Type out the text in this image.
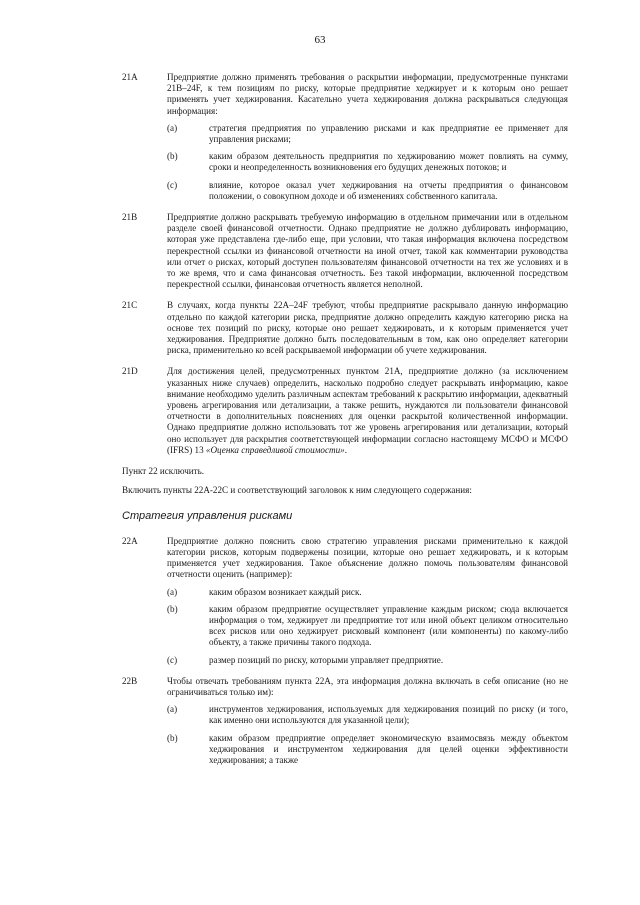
63
21A	Предприятие должно применять требования о раскрытии информации, предусмотренные пунктами 21B–24F, к тем позициям по риску, которые предприятие хеджирует и к которым оно решает применять учет хеджирования. Касательно учета хеджирования должна раскрываться следующая информация:
(a)	стратегия предприятия по управлению рисками и как предприятие ее применяет для управления рисками;
(b)	каким образом деятельность предприятия по хеджированию может повлиять на сумму, сроки и неопределенность возникновения его будущих денежных потоков; и
(c)	влияние, которое оказал учет хеджирования на отчеты предприятия о финансовом положении, о совокупном доходе и об изменениях собственного капитала.
21B	Предприятие должно раскрывать требуемую информацию в отдельном примечании или в отдельном разделе своей финансовой отчетности. Однако предприятие не должно дублировать информацию, которая уже представлена где-либо еще, при условии, что такая информация включена посредством перекрестной ссылки из финансовой отчетности на иной отчет, такой как комментарии руководства или отчет о рисках, который доступен пользователям финансовой отчетности на тех же условиях и в то же время, что и сама финансовая отчетность. Без такой информации, включенной посредством перекрестной ссылки, финансовая отчетность является неполной.
21C	В случаях, когда пункты 22A–24F требуют, чтобы предприятие раскрывало данную информацию отдельно по каждой категории риска, предприятие должно определить каждую категорию риска на основе тех позиций по риску, которые оно решает хеджировать, и к которым применяется учет хеджирования. Предприятие должно быть последовательным в том, как оно определяет категории риска, применительно ко всей раскрываемой информации об учете хеджирования.
21D	Для достижения целей, предусмотренных пунктом 21A, предприятие должно (за исключением указанных ниже случаев) определить, насколько подробно следует раскрывать информацию, какое внимание необходимо уделить различным аспектам требований к раскрытию информации, адекватный уровень агрегирования или детализации, а также решить, нуждаются ли пользователи финансовой отчетности в дополнительных пояснениях для оценки раскрытой количественной информации. Однако предприятие должно использовать тот же уровень агрегирования или детализации, который оно использует для раскрытия соответствующей информации согласно настоящему МСФО и МСФО (IFRS) 13 «Оценка справедливой стоимости».
Пункт 22 исключить.
Включить пункты 22A-22C и соответствующий заголовок к ним следующего содержания:
Стратегия управления рисками
22A	Предприятие должно пояснить свою стратегию управления рисками применительно к каждой категории рисков, которым подвержены позиции, которые оно решает хеджировать, и к которым применяется учет хеджирования. Такое объяснение должно помочь пользователям финансовой отчетности оценить (например):
(a)	каким образом возникает каждый риск.
(b)	каким образом предприятие осуществляет управление каждым риском; сюда включается информация о том, хеджирует ли предприятие тот или иной объект целиком относительно всех рисков или оно хеджирует рисковый компонент (или компоненты) по какому-либо объекту, а также причины такого подхода.
(c)	размер позиций по риску, которыми управляет предприятие.
22B	Чтобы отвечать требованиям пункта 22A, эта информация должна включать в себя описание (но не ограничиваться только им):
(a)	инструментов хеджирования, используемых для хеджирования позиций по риску (и того, как именно они используются для указанной цели);
(b)	каким образом предприятие определяет экономическую взаимосвязь между объектом хеджирования и инструментом хеджирования для целей оценки эффективности хеджирования; а также
